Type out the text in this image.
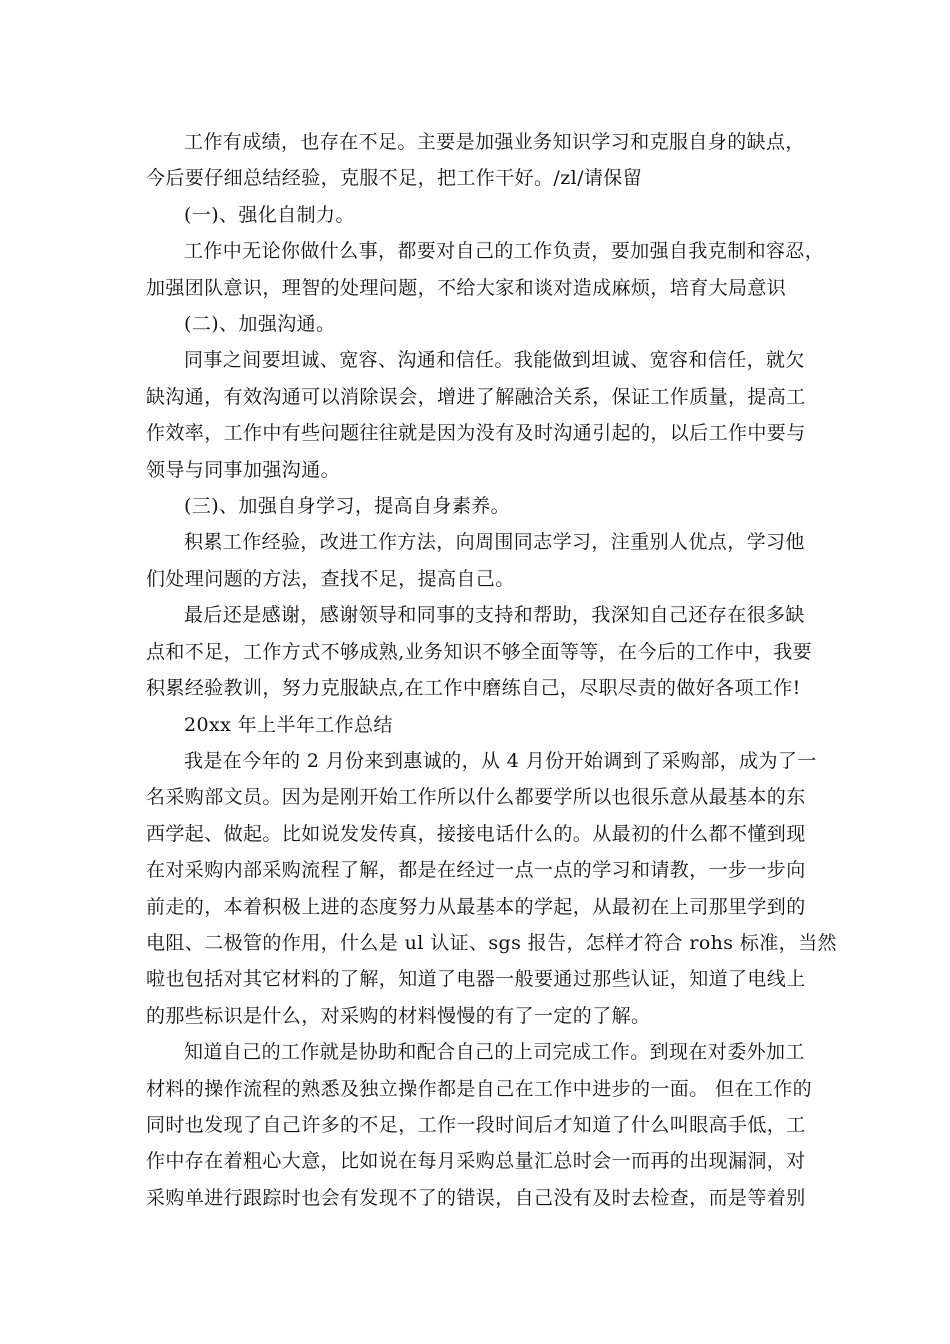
工作有成绩，也存在不足。主要是加强业务知识学习和克服自身的缺点，

今后要仔细总结经验，克服不足，把工作干好。/zl/请保留

(一)、强化自制力。

工作中无论你做什么事，都要对自己的工作负责，要加强自我克制和容忍，

加强团队意识，理智的处理问题，不给大家和谈对造成麻烦，培育大局意识

(二)、加强沟通。

同事之间要坦诚、宽容、沟通和信任。我能做到坦诚、宽容和信任，就欠

缺沟通，有效沟通可以消除误会，增进了解融洽关系，保证工作质量，提高工

作效率，工作中有些问题往往就是因为没有及时沟通引起的，以后工作中要与

领导与同事加强沟通。

(三)、加强自身学习，提高自身素养。

积累工作经验，改进工作方法，向周围同志学习，注重别人优点，学习他

们处理问题的方法，查找不足，提高自己。

最后还是感谢，感谢领导和同事的支持和帮助，我深知自己还存在很多缺

点和不足，工作方式不够成熟,业务知识不够全面等等，在今后的工作中，我要

积累经验教训，努力克服缺点,在工作中磨练自己，尽职尽责的做好各项工作!

20xx 年上半年工作总结

我是在今年的 2 月份来到惠诚的，从 4 月份开始调到了采购部，成为了一

名采购部文员。因为是刚开始工作所以什么都要学所以也很乐意从最基本的东

西学起、做起。比如说发发传真，接接电话什么的。从最初的什么都不懂到现

在对采购内部采购流程了解，都是在经过一点一点的学习和请教，一步一步向

前走的，本着积极上进的态度努力从最基本的学起，从最初在上司那里学到的

电阻、二极管的作用，什么是 ul 认证、sgs 报告，怎样才符合 rohs 标准，当然

啦也包括对其它材料的了解，知道了电器一般要通过那些认证，知道了电线上

的那些标识是什么，对采购的材料慢慢的有了一定的了解。

知道自己的工作就是协助和配合自己的上司完成工作。到现在对委外加工

材料的操作流程的熟悉及独立操作都是自己在工作中进步的一面。 但在工作的

同时也发现了自己许多的不足，工作一段时间后才知道了什么叫眼高手低，工

作中存在着粗心大意，比如说在每月采购总量汇总时会一而再的出现漏洞，对

采购单进行跟踪时也会有发现不了的错误，自己没有及时去检查，而是等着别
